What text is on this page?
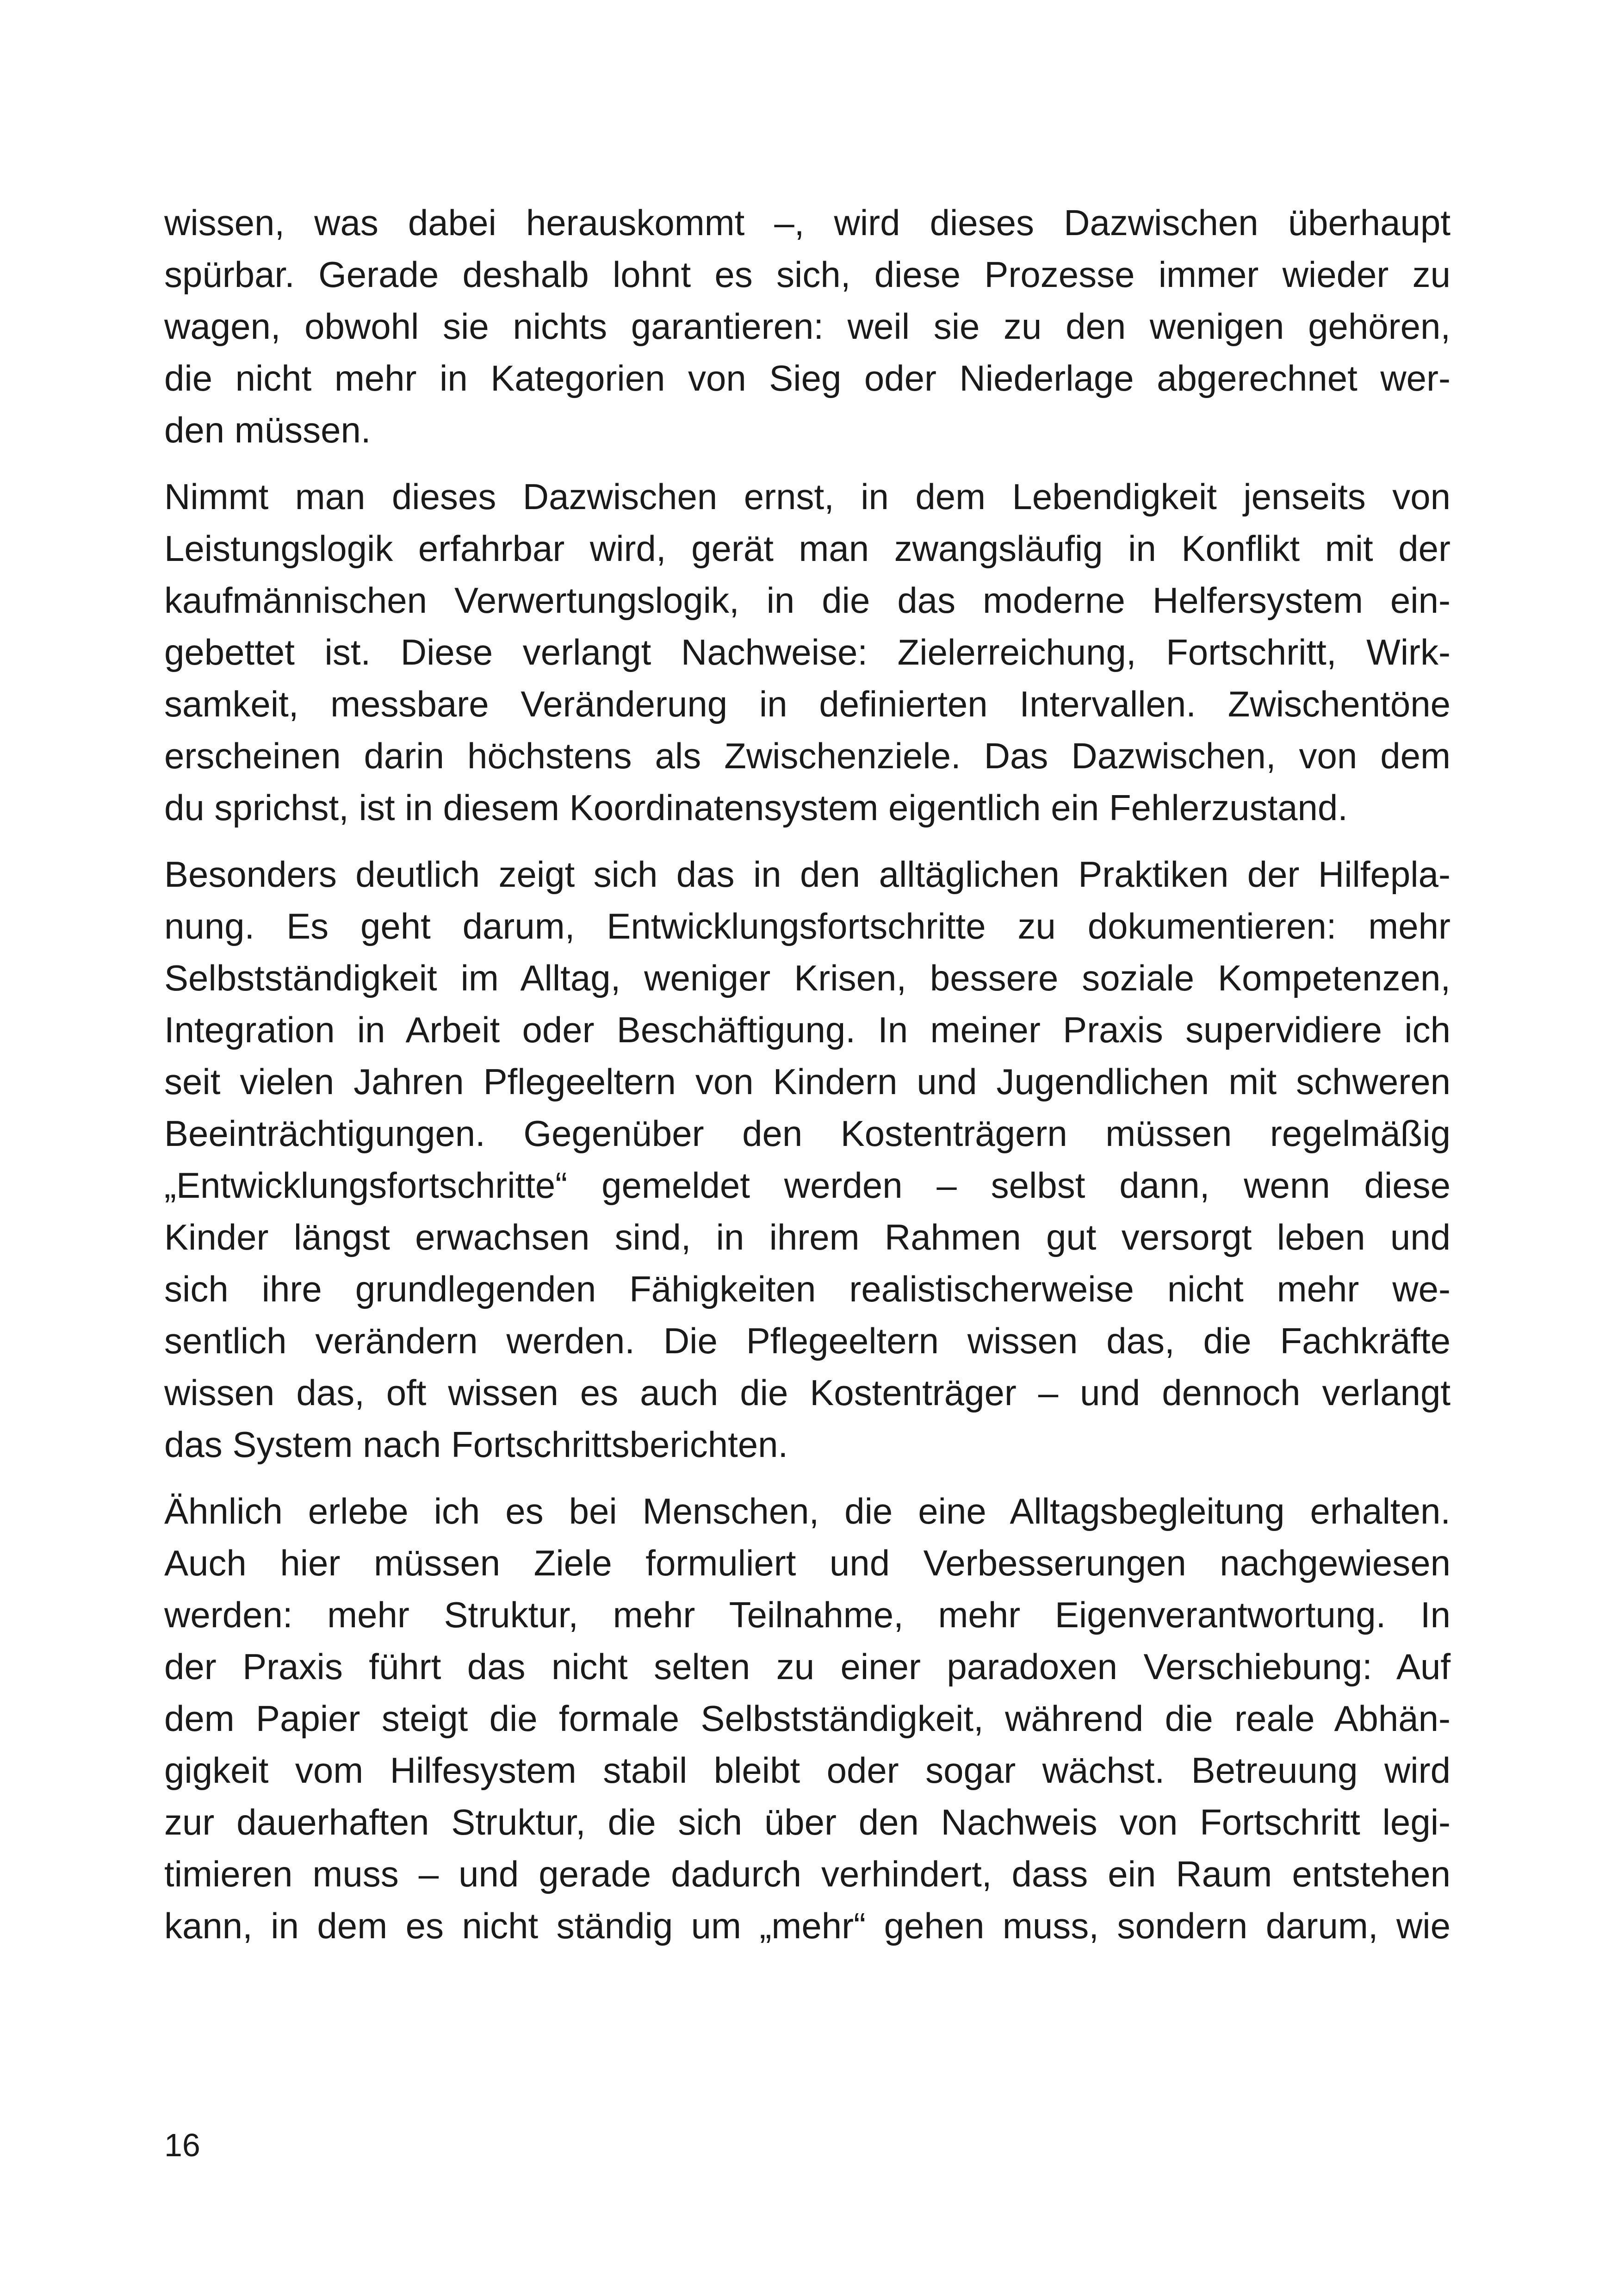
wissen, was dabei herauskommt –, wird dieses Dazwischen überhaupt
spürbar. Gerade deshalb lohnt es sich, diese Prozesse immer wieder zu
wagen, obwohl sie nichts garantieren: weil sie zu den wenigen gehören,
die nicht mehr in Kategorien von Sieg oder Niederlage abgerechnet wer-
den müssen.

Nimmt man dieses Dazwischen ernst, in dem Lebendigkeit jenseits von
Leistungslogik erfahrbar wird, gerät man zwangsläufig in Konflikt mit der
kaufmännischen Verwertungslogik, in die das moderne Helfersystem ein-
gebettet ist. Diese verlangt Nachweise: Zielerreichung, Fortschritt, Wirk-
samkeit, messbare Veränderung in definierten Intervallen. Zwischentöne
erscheinen darin höchstens als Zwischenziele. Das Dazwischen, von dem
du sprichst, ist in diesem Koordinatensystem eigentlich ein Fehlerzustand.

Besonders deutlich zeigt sich das in den alltäglichen Praktiken der Hilfepla-
nung. Es geht darum, Entwicklungsfortschritte zu dokumentieren: mehr
Selbstständigkeit im Alltag, weniger Krisen, bessere soziale Kompetenzen,
Integration in Arbeit oder Beschäftigung. In meiner Praxis supervidiere ich
seit vielen Jahren Pflegeeltern von Kindern und Jugendlichen mit schweren
Beeinträchtigungen. Gegenüber den Kostenträgern müssen regelmäßig
„Entwicklungsfortschritte“ gemeldet werden – selbst dann, wenn diese
Kinder längst erwachsen sind, in ihrem Rahmen gut versorgt leben und
sich ihre grundlegenden Fähigkeiten realistischerweise nicht mehr we-
sentlich verändern werden. Die Pflegeeltern wissen das, die Fachkräfte
wissen das, oft wissen es auch die Kostenträger – und dennoch verlangt
das System nach Fortschrittsberichten.

Ähnlich erlebe ich es bei Menschen, die eine Alltagsbegleitung erhalten.
Auch hier müssen Ziele formuliert und Verbesserungen nachgewiesen
werden: mehr Struktur, mehr Teilnahme, mehr Eigenverantwortung. In
der Praxis führt das nicht selten zu einer paradoxen Verschiebung: Auf
dem Papier steigt die formale Selbstständigkeit, während die reale Abhän-
gigkeit vom Hilfesystem stabil bleibt oder sogar wächst. Betreuung wird
zur dauerhaften Struktur, die sich über den Nachweis von Fortschritt legi-
timieren muss – und gerade dadurch verhindert, dass ein Raum entstehen
kann, in dem es nicht ständig um „mehr“ gehen muss, sondern darum, wie

16
